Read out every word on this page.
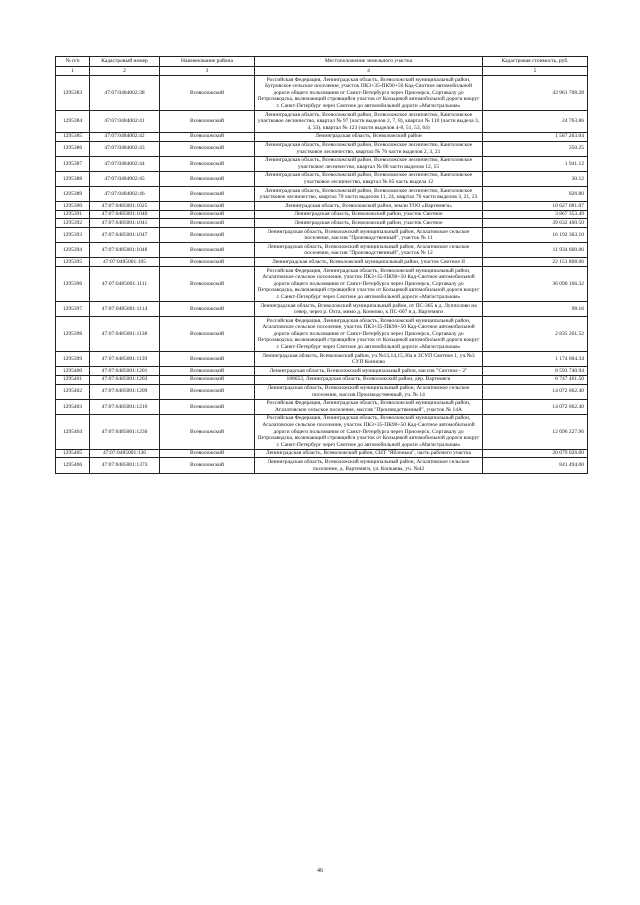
№ п/п	Кадастровый номер	Наименование района	Местоположение земельного участка	Кадастровая стоимость, руб.
1	2	3	4	5
1295383	47:07:0484002:38	Всеволожский	Российская Федерация, Ленинградская область, Всеволожский муниципальный район, Бугровское сельское поселение, участок ПК3+35-ПК90+50 Кад-Сяотное автомобильной дороги общего пользования от Санкт-Петербурга через Приозерск, Сортавалу до Петрозаводска, включающий строящийся участок от Кольцевой автомобильной дороги вокруг г. Санкт-Петербург через Сяотное до автомобильной дороги «Магистральная»	43 961 708.28
1295384	47:07:0484002:41	Всеволожский	Ленинградская область, Всеволожский район, Всеволожское лесничество, Канголовское участковое лесничество, квартал № 97 (части выделов 2, 7, 8), квартал № 110 (части выдела 3, 4, 33), квартал № 123 (части выделов 4-8, 51, 53, 64)	24 763.86
1295385	47:07:0484002:42	Всеволожский	Ленинградская область, Всеволожский район	1 587 263.04
1295386	47:07:0484002:43	Всеволожский	Ленинградская область, Всеволожский район, Всеволожское лесничество, Канголовское участковое лесничество, квартал № 76 части выделов 2, 3, 21	350.25
1295387	47:07:0484002:44	Всеволожский	Ленинградская область, Всеволожский район, Всеволожское лесничество, Канголовское участковое лесничество, квартал № 86 части выделов 12, 15	1 941.12
1295388	47:07:0484002:45	Всеволожский	Ленинградская область, Всеволожский район, Всеволожское лесничество, Канголовское участковое лесничество, квартал № 85 часть выдела 12	30.12
1295389	47:07:0484002:46	Всеволожский	Ленинградская область, Всеволожский район, Всеволожское лесничество, Канголовское участковое лесничество, квартал 70 части выделов 11, 24, квартал 76 части выделов 3, 21, 23	826.80
1295390	47:07:0485001:1025	Всеволожский	Ленинградская область, Всеволожский район, земли ТОО «Вартемяги»	10 627 081.07
1295391	47:07:0485001:1040	Всеволожский	Ленинградская область, Всеволожский район, участок Сяотное	3 867 353.49
1295392	47:07:0485001:1041	Всеволожский	Ленинградская область, Всеволожский район, участок Сяотное	39 632 400.50
1295393	47:07:0485001:1047	Всеволожский	Ленинградская область, Всеволожский муниципальный район, Агалатовское сельское поселение, массив "Производственный", участок № 11	16 192 363.10
1295394	47:07:0485001:1048	Всеволожский	Ленинградская область, Всеволожский муниципальный район, Агалатовское сельское поселение, массив "Производственный", участок № 12	11 934 600.06
1295395	47:07:0485001:105	Всеволожский	Ленинградская область, Всеволожский муниципальный район, участок Сяотное II	22 151 808.06
1295396	47:07:0485001:1111	Всеволожский	Российская Федерация, Ленинградская область, Всеволожский муниципальный район, Агалатовское сельское поселение, участок ПК3+35-ПК90+50 Кад-Сяотное автомобильной дороги общего пользования от Санкт-Петербурга через Приозерск, Сортавалу до Петрозаводска, включающий строящийся участок от Кольцевой автомобильной дороги вокруг г. Санкт-Петербург через Сяотное до автомобильной дороги «Магистральная»	36 090 166.32
1295397	47:07:0485001:1114	Всеволожский	Ленинградская область, Всеволожский муниципальный район, от ПС-365 в д. Лупполово на север, через р. Охта, мимо д. Конново, к ПС-607 в д. Вартемяги	98.16
1295398	47:07:0485001:1138	Всеволожский	Российская Федерация, Ленинградская область, Всеволожский муниципальный район, Агалатовское сельское поселение, участок ПК3+35-ПК90+50 Кад-Сяотное автомобильной дороги общего пользования от Санкт-Петербурга через Приозерск, Сортавалу до Петрозаводска, включающий строящийся участок от Кольцевой автомобильной дороги вокруг г. Санкт-Петербург через Сяотное до автомобильной дороги «Магистральная»	2 835 261.52
1295399	47:07:0485001:1139	Всеволожский	Ленинградская область, Всеволожский район, уч.№13,14,15,30а и ЗСУП Сяотное 1, уч.№3 СУП Конново	1 174 604.34
1295400	47:07:0485001:1201	Всеволожский	Ленинградская область, Всеволожский муниципальный район, массив "Сяотное - 2"	8 593 740.94
1295401	47:07:0485001:1203	Всеволожский	188653, Ленинградская область, Всеволожский район, дер. Вартемяги	6 747 461.50
1295402	47:07:0485001:1209	Всеволожский	Ленинградская область, Всеволожский муниципальный район, Агалатовское сельское поселение, массив Производственный, уч. № 14	14 072 662.40
1295403	47:07:0485001:1210	Всеволожский	Российская Федерация, Ленинградская область, Всеволожский муниципальный район, Агалатовское сельское поселение, массив "Производственный", участок № 14А	14 072 662.40
1295404	47:07:0485001:1236	Всеволожский	Российская Федерация, Ленинградская область, Всеволожский муниципальный район, Агалатовское сельское поселение, участок ПК3+35-ПК90+50 Кад-Сяотное автомобильной дороги общего пользования от Санкт-Петербурга через Приозерск, Сортавалу до Петрозаводска, включающий строящийся участок от Кольцевой автомобильной дороги вокруг г. Санкт-Петербург через Сяотное до автомобильной дороги «Магистральная»	12 696 227.96
1295405	47:07:0485001:136	Всеволожский	Ленинградская область, Всеволожский район, СНТ "Яблонька", часть рабочего участка	20 079 026.00
1295406	47:07:0485001:1373	Всеволожский	Ленинградская область, Всеволожский муниципальный район, Агалатовское сельское поселение, д. Вартемяги, ул. Копкаева, уч. №42	841 494.00
46
